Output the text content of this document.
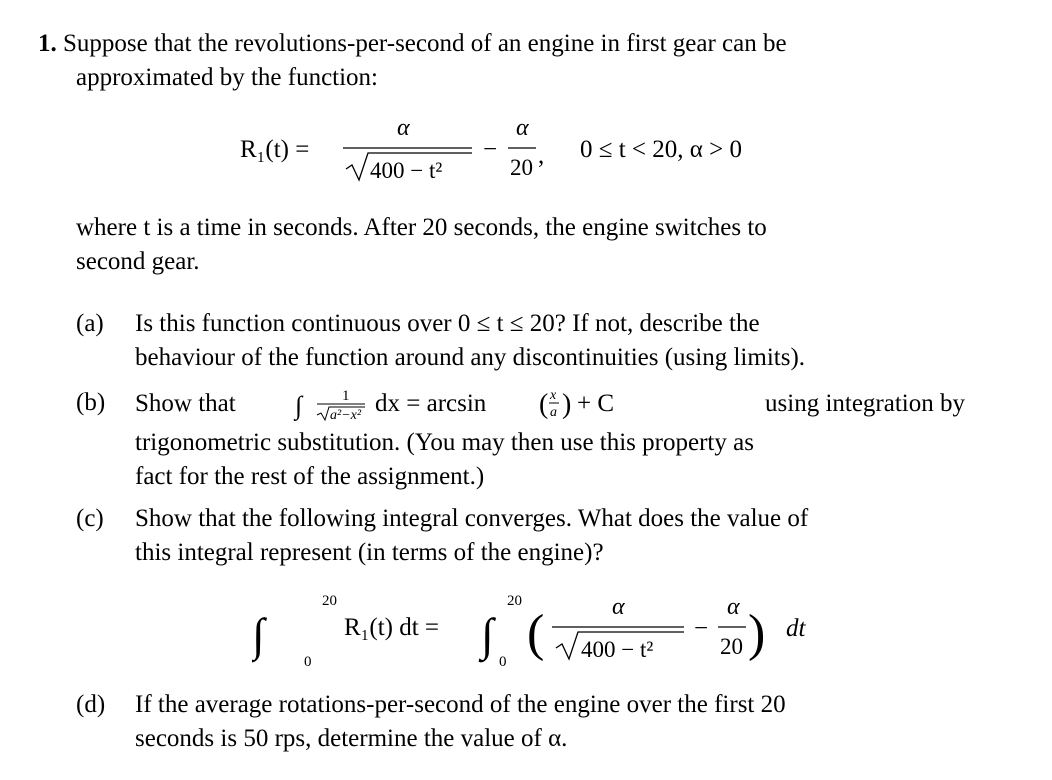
1. Suppose that the revolutions-per-second of an engine in first gear can be
approximated by the function:
R₁(t) =
α
400 − t²
−
α
20 , 0 ≤ t < 20, α > 0
where t is a time in seconds. After 20 seconds, the engine switches to
second gear.
(a) Is this function continuous over 0 ≤ t ≤ 20? If not, describe the
behaviour of the function around any discontinuities (using limits).
(b) Show that ∫	1
a²−x² dx = arcsin ( x
a ) + C	using integration by
trigonometric substitution. (You may then use this property as
fact for the rest of the assignment.)
(c) Show that the following integral converges. What does the value of
this integral represent (in terms of the engine)?
∫
20
0
R₁(t) dt = ∫
20
0 (	α
400 − t²
−
α
20 ) dt
(d) If the average rotations-per-second of the engine over the first 20
seconds is 50 rps, determine the value of α.
